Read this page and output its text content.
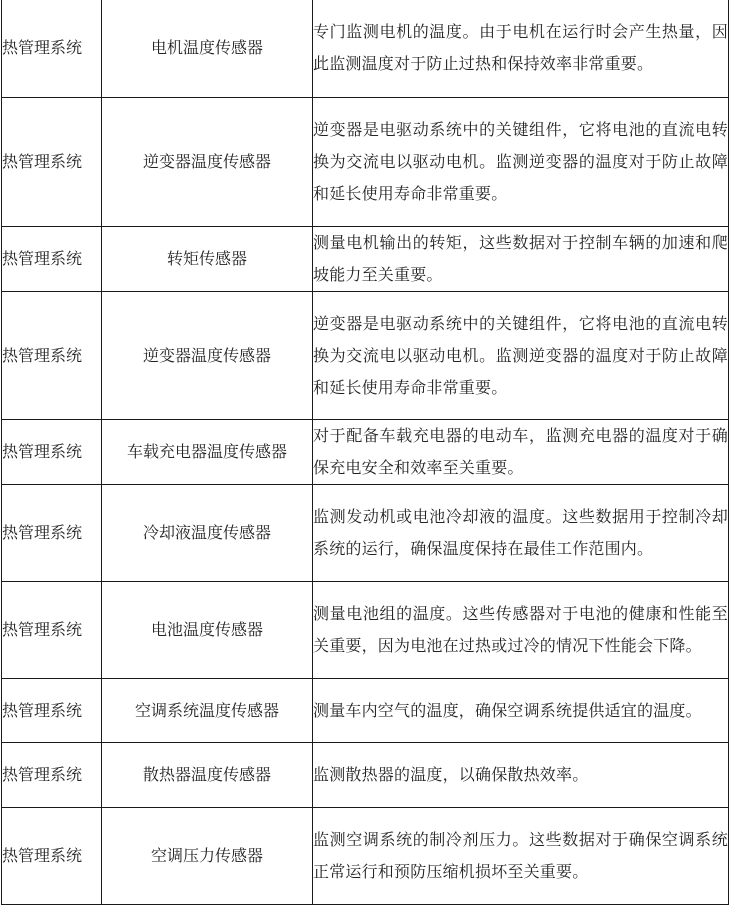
热管理系统	电机温度传感器	专门监测电机的温度。由于电机在运行时会产生热量，因此监测温度对于防止过热和保持效率非常重要。
热管理系统	逆变器温度传感器	逆变器是电驱动系统中的关键组件，它将电池的直流电转换为交流电以驱动电机。监测逆变器的温度对于防止故障和延长使用寿命非常重要。
热管理系统	转矩传感器	测量电机输出的转矩，这些数据对于控制车辆的加速和爬坡能力至关重要。
热管理系统	逆变器温度传感器	逆变器是电驱动系统中的关键组件，它将电池的直流电转换为交流电以驱动电机。监测逆变器的温度对于防止故障和延长使用寿命非常重要。
热管理系统	车载充电器温度传感器	对于配备车载充电器的电动车，监测充电器的温度对于确保充电安全和效率至关重要。
热管理系统	冷却液温度传感器	监测发动机或电池冷却液的温度。这些数据用于控制冷却系统的运行，确保温度保持在最佳工作范围内。
热管理系统	电池温度传感器	测量电池组的温度。这些传感器对于电池的健康和性能至关重要，因为电池在过热或过冷的情况下性能会下降。
热管理系统	空调系统温度传感器	测量车内空气的温度，确保空调系统提供适宜的温度。
热管理系统	散热器温度传感器	监测散热器的温度，以确保散热效率。
热管理系统	空调压力传感器	监测空调系统的制冷剂压力。这些数据对于确保空调系统正常运行和预防压缩机损坏至关重要。
